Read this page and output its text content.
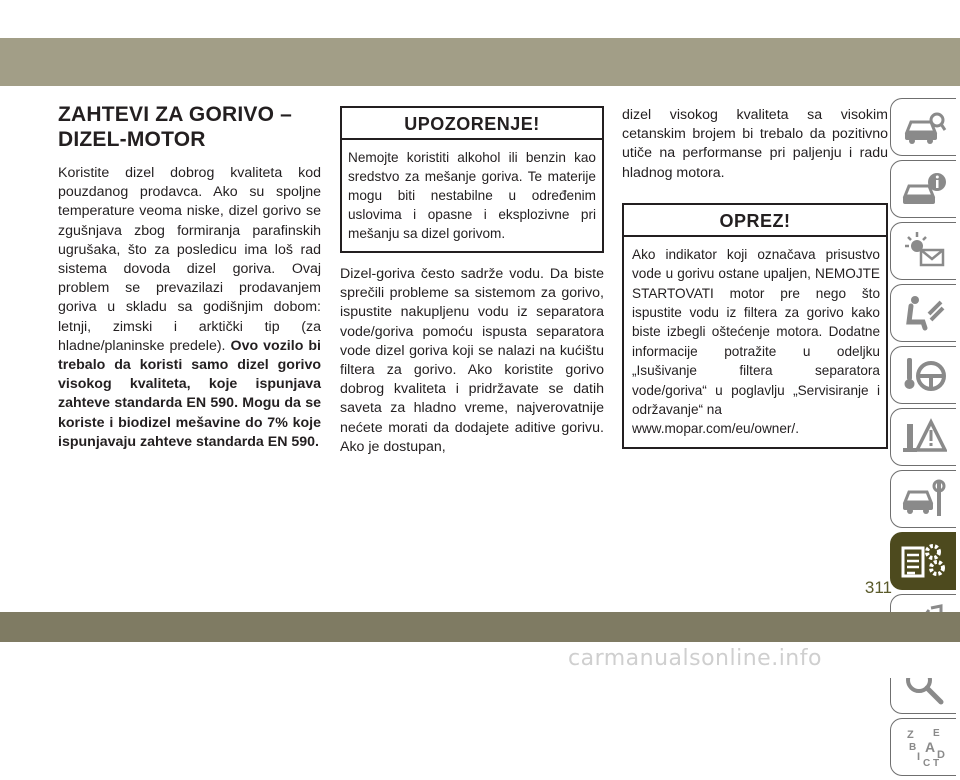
ZAHTEVI ZA GORIVO – DIZEL-MOTOR

Koristite dizel dobrog kvaliteta kod pouzdanog prodavca. Ako su spoljne temperature veoma niske, dizel gorivo se zgušnjava zbog formiranja parafinskih ugrušaka, što za posledicu ima loš rad sistema dovoda dizel goriva. Ovaj problem se prevazilazi prodavanjem goriva u skladu sa godišnjim dobom: letnji, zimski i arktički tip (za hladne/planinske predele). Ovo vozilo bi trebalo da koristi samo dizel gorivo visokog kvaliteta, koje ispunjava zahteve standarda EN 590. Mogu da se koriste i biodizel mešavine do 7% koje ispunjavaju zahteve standarda EN 590.

UPOZORENJE!
Nemojte koristiti alkohol ili benzin kao sredstvo za mešanje goriva. Te materije mogu biti nestabilne u određenim uslovima i opasne i eksplozivne pri mešanju sa dizel gorivom.

Dizel-goriva često sadrže vodu. Da biste sprečili probleme sa sistemom za gorivo, ispustite nakupljenu vodu iz separatora vode/goriva pomoću ispusta separatora vode dizel goriva koji se nalazi na kućištu filtera za gorivo. Ako koristite gorivo dobrog kvaliteta i pridržavate se datih saveta za hladno vreme, najverovatnije nećete morati da dodajete aditive gorivu. Ako je dostupan,

dizel visokog kvaliteta sa visokim cetanskim brojem bi trebalo da pozitivno utiče na performanse pri paljenju i radu hladnog motora.

OPREZ!
Ako indikator koji označava prisustvo vode u gorivu ostane upaljen, NEMOJTE STARTOVATI motor pre nego što ispustite vodu iz filtera za gorivo kako biste izbegli oštećenje motora. Dodatne informacije potražite u odeljku „Isušivanje filtera separatora vode/goriva“ u poglavlju „Servisiranje i održavanje“ na
www.mopar.com/eu/owner/.
Z E
B A
I D
C T
311
carmanualsonline.info
